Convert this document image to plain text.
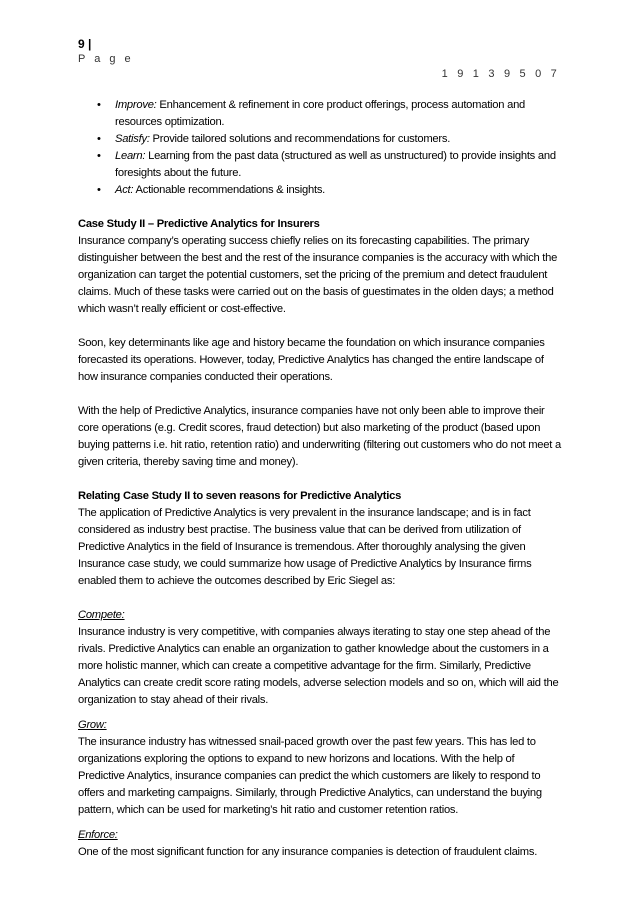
9 |
P a g e
1 9 1 3 9 5 0 7
• Improve: Enhancement & refinement in core product offerings, process automation and resources optimization.
• Satisfy: Provide tailored solutions and recommendations for customers.
• Learn: Learning from the past data (structured as well as unstructured) to provide insights and foresights about the future.
• Act: Actionable recommendations & insights.

Case Study II – Predictive Analytics for Insurers

Insurance company’s operating success chiefly relies on its forecasting capabilities. The primary distinguisher between the best and the rest of the insurance companies is the accuracy with which the organization can target the potential customers, set the pricing of the premium and detect fraudulent claims. Much of these tasks were carried out on the basis of guestimates in the olden days; a method which wasn’t really efficient or cost-effective.

Soon, key determinants like age and history became the foundation on which insurance companies forecasted its operations. However, today, Predictive Analytics has changed the entire landscape of how insurance companies conducted their operations.

With the help of Predictive Analytics, insurance companies have not only been able to improve their core operations (e.g. Credit scores, fraud detection) but also marketing of the product (based upon buying patterns i.e. hit ratio, retention ratio) and underwriting (filtering out customers who do not meet a given criteria, thereby saving time and money).

Relating Case Study II to seven reasons for Predictive Analytics

The application of Predictive Analytics is very prevalent in the insurance landscape; and is in fact considered as industry best practise. The business value that can be derived from utilization of Predictive Analytics in the field of Insurance is tremendous. After thoroughly analysing the given Insurance case study, we could summarize how usage of Predictive Analytics by Insurance firms enabled them to achieve the outcomes described by Eric Siegel as:

Compete:

Insurance industry is very competitive, with companies always iterating to stay one step ahead of the rivals. Predictive Analytics can enable an organization to gather knowledge about the customers in a more holistic manner, which can create a competitive advantage for the firm. Similarly, Predictive Analytics can create credit score rating models, adverse selection models and so on, which will aid the organization to stay ahead of their rivals.

Grow:

The insurance industry has witnessed snail-paced growth over the past few years. This has led to organizations exploring the options to expand to new horizons and locations. With the help of Predictive Analytics, insurance companies can predict the which customers are likely to respond to offers and marketing campaigns. Similarly, through Predictive Analytics, can understand the buying pattern, which can be used for marketing’s hit ratio and customer retention ratios.

Enforce:

One of the most significant function for any insurance companies is detection of fraudulent claims.
